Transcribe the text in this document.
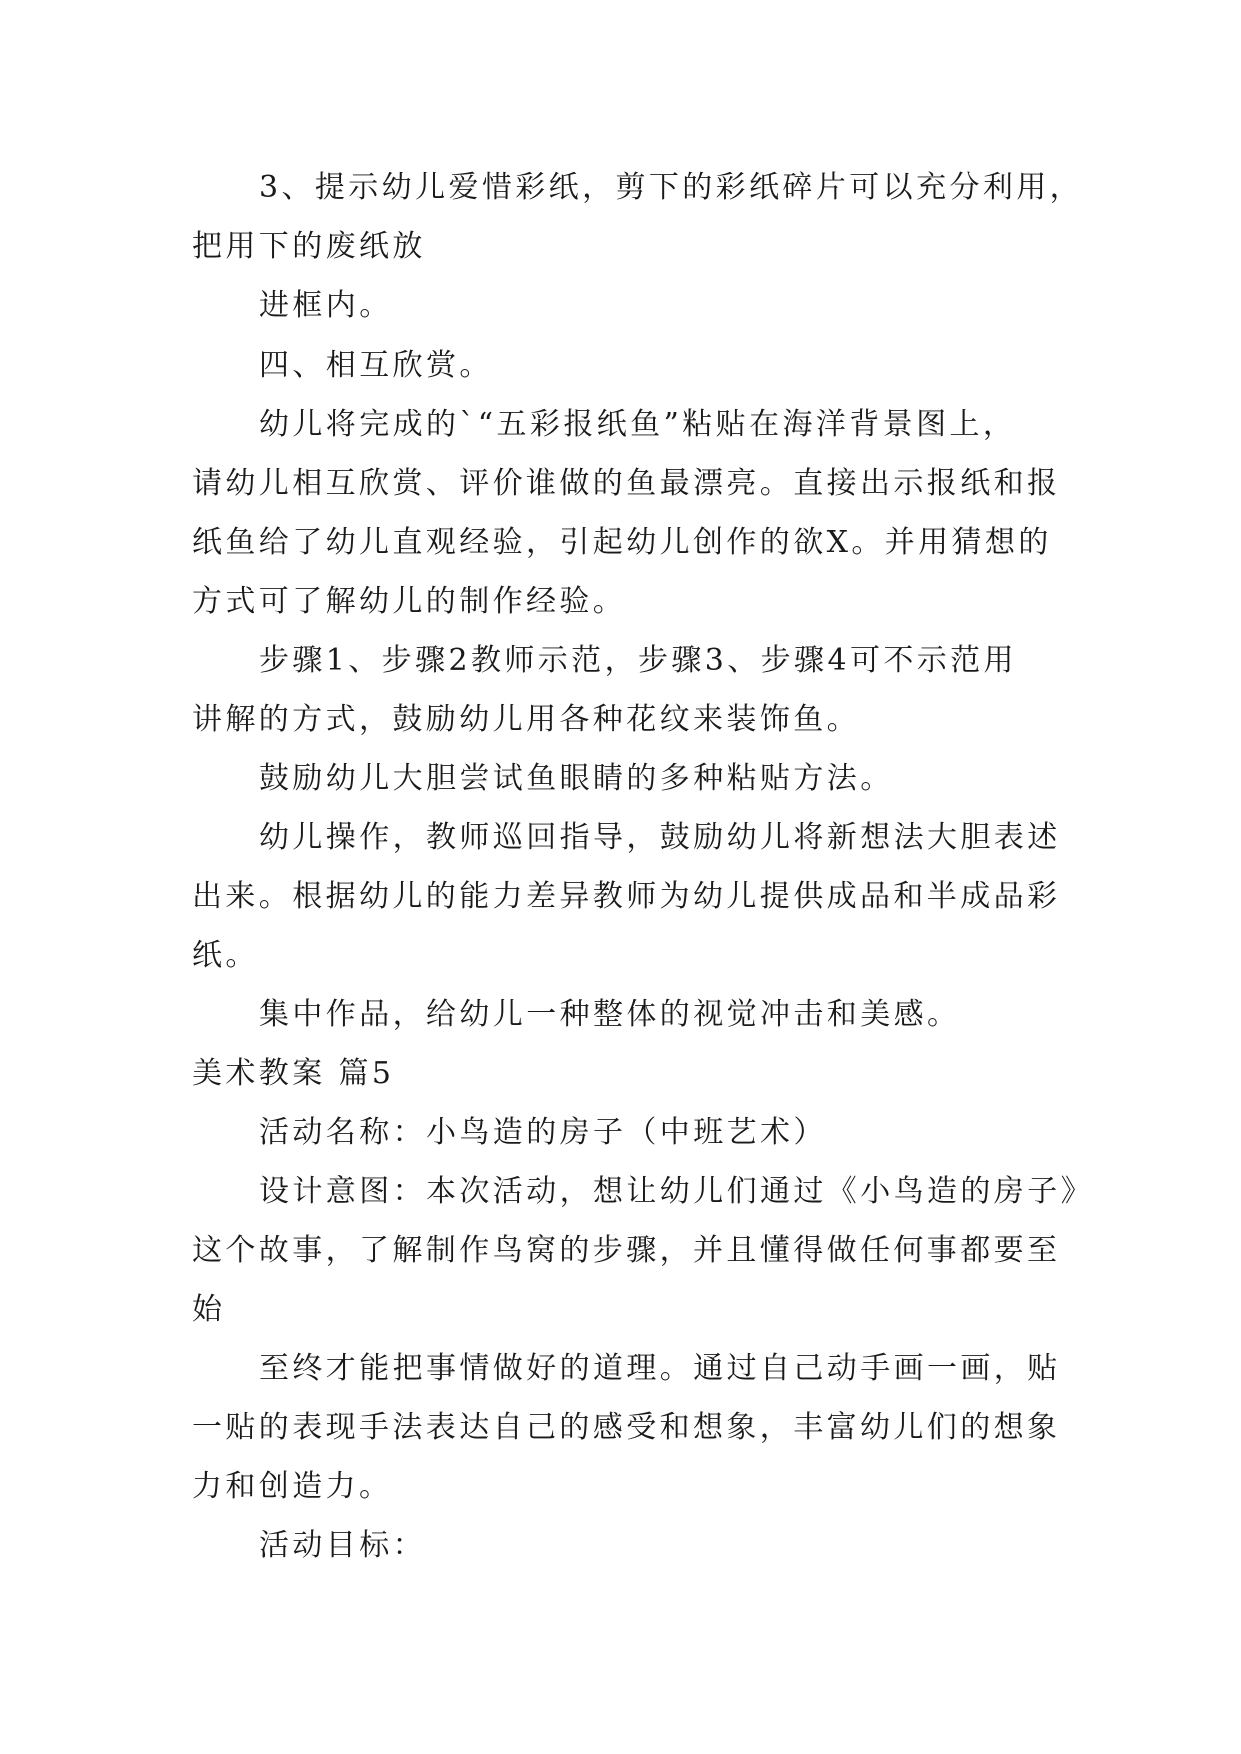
3、提示幼儿爱惜彩纸，剪下的彩纸碎片可以充分利用，

把用下的废纸放

进框内。

四、相互欣赏。

幼儿将完成的`“五彩报纸鱼”粘贴在海洋背景图上，

请幼儿相互欣赏、评价谁做的鱼最漂亮。直接出示报纸和报

纸鱼给了幼儿直观经验，引起幼儿创作的欲X。并用猜想的

方式可了解幼儿的制作经验。

步骤1、步骤2教师示范，步骤3、步骤4可不示范用

讲解的方式，鼓励幼儿用各种花纹来装饰鱼。

鼓励幼儿大胆尝试鱼眼睛的多种粘贴方法。

幼儿操作，教师巡回指导，鼓励幼儿将新想法大胆表述

出来。根据幼儿的能力差异教师为幼儿提供成品和半成品彩

纸。

集中作品，给幼儿一种整体的视觉冲击和美感。

美术教案 篇5

活动名称：小鸟造的房子（中班艺术）

设计意图：本次活动，想让幼儿们通过《小鸟造的房子》

这个故事，了解制作鸟窝的步骤，并且懂得做任何事都要至

始

至终才能把事情做好的道理。通过自己动手画一画，贴

一贴的表现手法表达自己的感受和想象，丰富幼儿们的想象

力和创造力。

活动目标：
